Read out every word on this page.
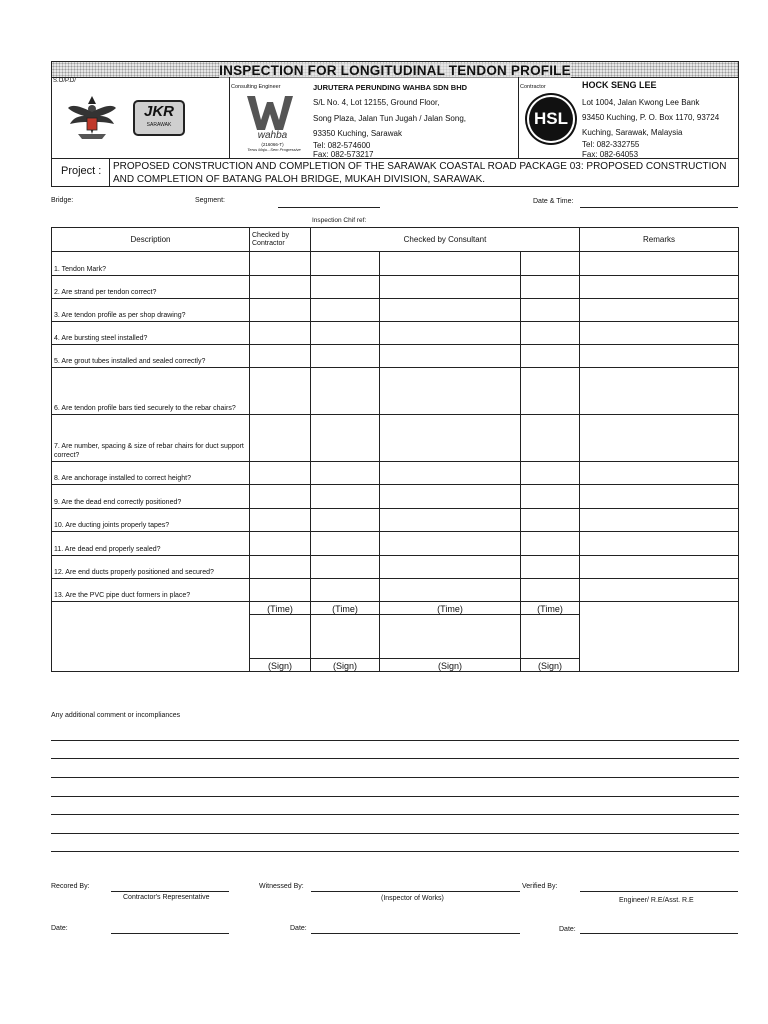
INSPECTION FOR LONGITUDINAL TENDON PROFILE
S.O/P.D/
JKR
SARAWAK
Consulting Engineer
wahba
(216066-T)
Terus Maju...Sem Progressive
JURUTERA PERUNDING WAHBA SDN BHD
S/L No. 4, Lot 12155, Ground Floor,
Song Plaza, Jalan Tun Jugah / Jalan Song,
93350 Kuching, Sarawak
Tel: 082-574600
Fax: 082-573217
Contractor	HOCK SENG LEE
HSL
Lot 1004, Jalan Kwong Lee Bank
93450 Kuching, P. O. Box 1170, 93724
Kuching, Sarawak, Malaysia
Tel: 082-332755
Fax: 082-64053
Project : PROPOSED CONSTRUCTION AND COMPLETION OF THE SARAWAK COASTAL ROAD PACKAGE 03: PROPOSED CONSTRUCTION
AND COMPLETION OF BATANG PALOH BRIDGE, MUKAH DIVISION, SARAWAK.
Bridge:	Segment:	Date & Time:
Inspection Chif ref:
Description	Checked by Contractor	Checked by Consultant			Remarks
1. Tendon Mark?					
2. Are strand per tendon correct?					
3. Are tendon profile as per shop drawing?					
4. Are bursting steel installed?					
5. Are grout tubes installed and sealed correctly?					
6. Are tendon profile bars tied securely to the rebar chairs?					
7. Are number, spacing & size of rebar chairs for duct support correct?					
8. Are anchorage installed to correct height?					
9. Are the dead end correctly positioned?					
10. Are ducting joints properly tapes?					
11. Are dead end properly sealed?					
12. Are end ducts properly positioned and secured?					
13. Are the PVC pipe duct formers in place?					
	(Time)	(Time)	(Time)	(Time)	

	(Sign)	(Sign)	(Sign)	(Sign)	
Any additional comment or incompliances
Recored By:
Contractor's Representative
Witnessed By:
(Inspector of Works)
Verified By:
Engineer/ R.E/Asst. R.E
Date:	Date:	Date:
